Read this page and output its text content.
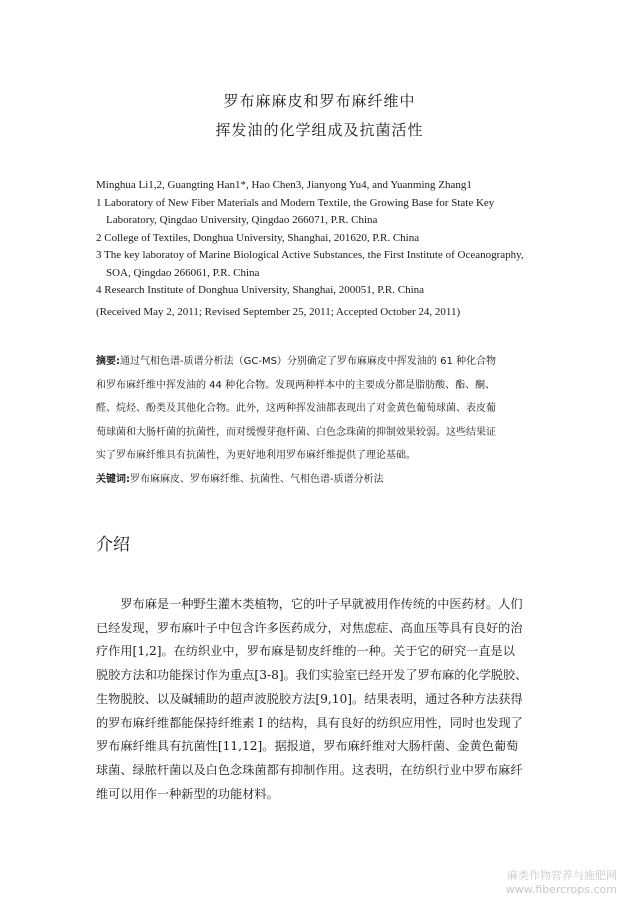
罗布麻麻皮和罗布麻纤维中
挥发油的化学组成及抗菌活性
Minghua Li1,2, Guangting Han1*, Hao Chen3, Jianyong Yu4, and Yuanming Zhang1
1 Laboratory of New Fiber Materials and Modern Textile, the Growing Base for State Key
Laboratory, Qingdao University, Qingdao 266071, P.R. China
2 College of Textiles, Donghua University, Shanghai, 201620, P.R. China
3 The key laboratoy of Marine Biological Active Substances, the First Institute of Oceanography,
SOA, Qingdao 266061, P.R. China
4 Research Institute of Donghua University, Shanghai, 200051, P.R. China
(Received May 2, 2011; Revised September 25, 2011; Accepted October 24, 2011)
摘要:通过气相色谱-质谱分析法（GC-MS）分别确定了罗布麻麻皮中挥发油的 61 种化合物
和罗布麻纤维中挥发油的 44 种化合物。发现两种样本中的主要成分都是脂肪酸、酯、酮、
醛、烷烃、酚类及其他化合物。此外，这两种挥发油都表现出了对金黄色葡萄球菌、表皮葡
萄球菌和大肠杆菌的抗菌性，而对缓慢芽孢杆菌、白色念珠菌的抑制效果较弱。这些结果证
实了罗布麻纤维具有抗菌性，为更好地利用罗布麻纤维提供了理论基础。
关键词:罗布麻麻皮、罗布麻纤维、抗菌性、气相色谱-质谱分析法
介绍
　　罗布麻是一种野生灌木类植物，它的叶子早就被用作传统的中医药材。人们
已经发现，罗布麻叶子中包含许多医药成分，对焦虑症、高血压等具有良好的治
疗作用[1,2]。在纺织业中，罗布麻是韧皮纤维的一种。关于它的研究一直是以
脱胶方法和功能探讨作为重点[3-8]。我们实验室已经开发了罗布麻的化学脱胶、
生物脱胶、以及碱辅助的超声波脱胶方法[9,10]。结果表明，通过各种方法获得
的罗布麻纤维都能保持纤维素 I 的结构，具有良好的纺织应用性，同时也发现了
罗布麻纤维具有抗菌性[11,12]。据报道，罗布麻纤维对大肠杆菌、金黄色葡萄
球菌、绿脓杆菌以及白色念珠菌都有抑制作用。这表明，在纺织行业中罗布麻纤
维可以用作一种新型的功能材料。
麻类作物营养与施肥网
www.fibercrops.com
